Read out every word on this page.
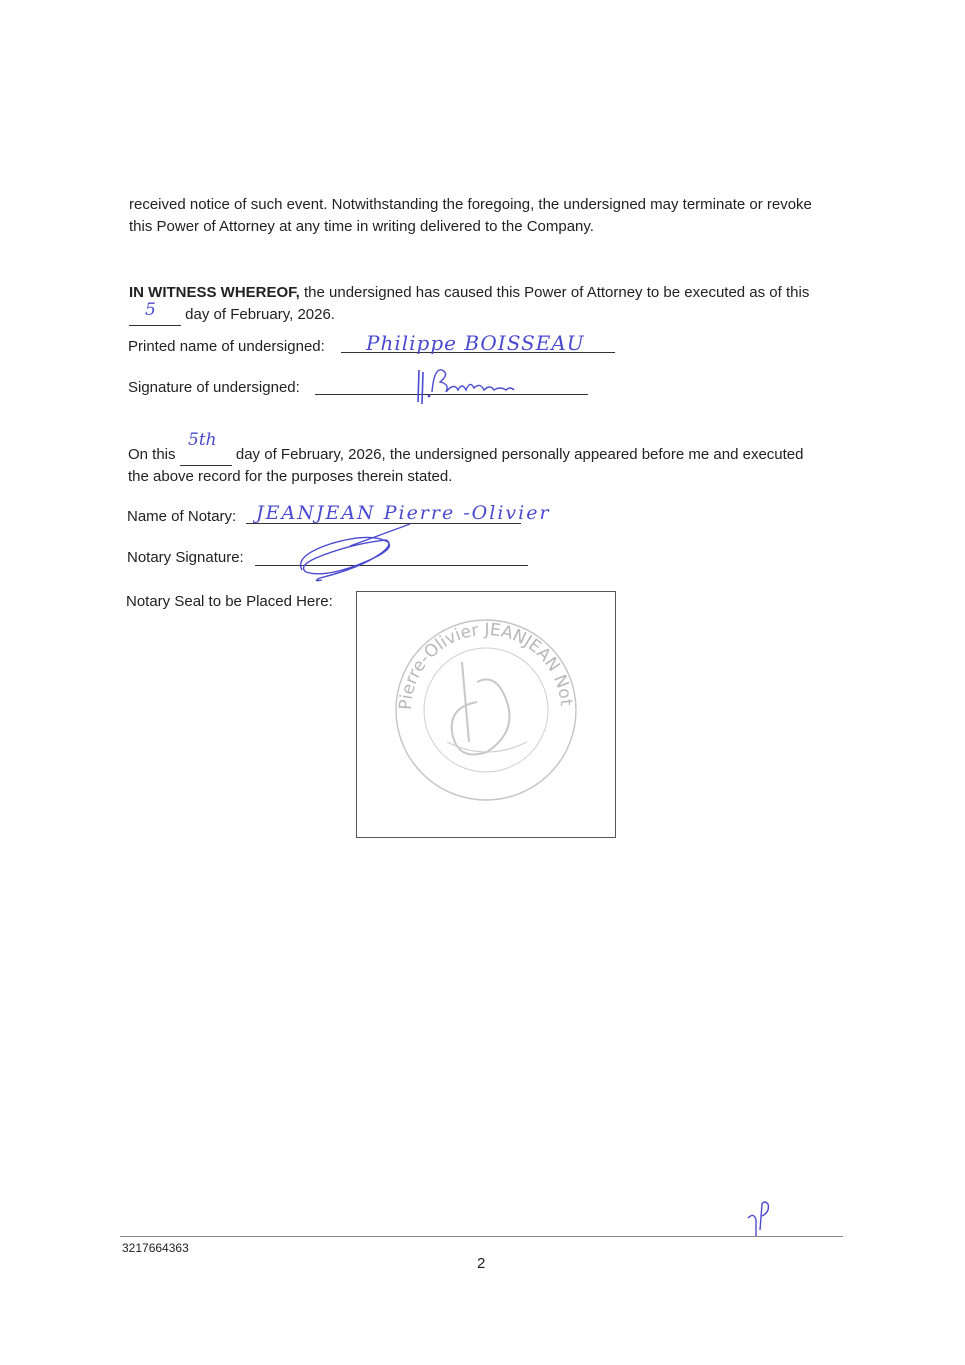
received notice of such event. Notwithstanding the foregoing, the undersigned may terminate or revoke
this Power of Attorney at any time in writing delivered to the Company.
IN WITNESS WHEREOF, the undersigned has caused this Power of Attorney to be executed as of this
day of February, 2026.
5
Printed name of undersigned: Philippe BOISSEAU
Signature of undersigned:
On this	day of February, 2026, the undersigned personally appeared before me and executed
the above record for the purposes therein stated.
5th
Name of Notary: JEANJEAN Pierre -Olivier
Notary Signature:
Notary Seal to be Placed Here:
Pierre-Olivier JEANJEAN Notaire associé
3217664363
2
